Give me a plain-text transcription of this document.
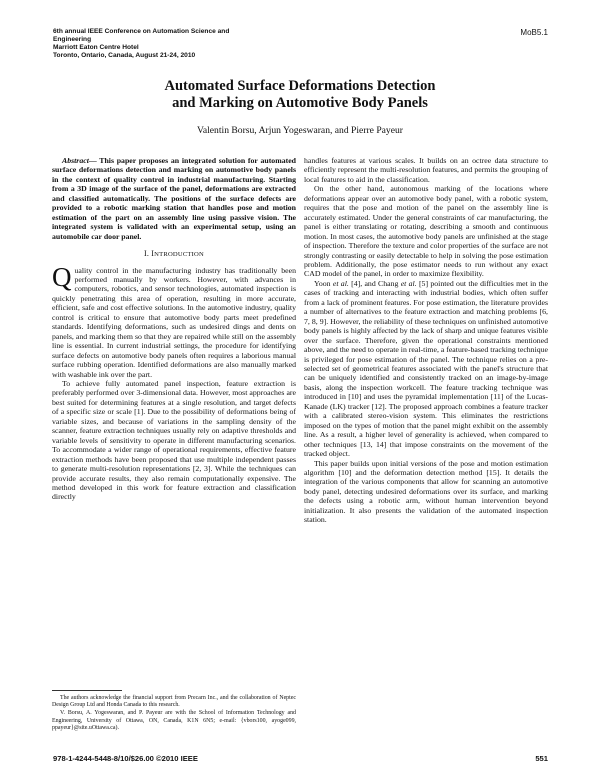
6th annual IEEE Conference on Automation Science and
Engineering
Marriott Eaton Centre Hotel
Toronto, Ontario, Canada, August 21-24, 2010
MoB5.1
Automated Surface Deformations Detection
and Marking on Automotive Body Panels
Valentin Borsu, Arjun Yogeswaran, and Pierre Payeur

Abstract— This paper proposes an integrated solution for automated surface deformations detection and marking on automotive body panels in the context of quality control in industrial manufacturing. Starting from a 3D image of the surface of the panel, deformations are extracted and classified automatically. The positions of the surface defects are provided to a robotic marking station that handles pose and motion estimation of the part on an assembly line using passive vision. The integrated system is validated with an experimental setup, using an automobile car door panel.

I. INTRODUCTION

Quality control in the manufacturing industry has traditionally been performed manually by workers. However, with advances in computers, robotics, and sensor technologies, automated inspection is quickly penetrating this area of operation, resulting in more accurate, efficient, safe and cost effective solutions. In the automotive industry, quality control is critical to ensure that automotive body parts meet predefined standards. Identifying deformations, such as undesired dings and dents on panels, and marking them so that they are repaired while still on the assembly line is essential. In current industrial settings, the procedure for identifying surface defects on automotive body panels often requires a laborious manual surface rubbing operation. Identified deformations are also manually marked with washable ink over the part.

To achieve fully automated panel inspection, feature extraction is preferably performed over 3-dimensional data. However, most approaches are best suited for determining features at a single resolution, and target defects of a specific size or scale [1]. Due to the possibility of deformations being of variable sizes, and because of variations in the sampling density of the scanner, feature extraction techniques usually rely on adaptive thresholds and variable levels of sensitivity to operate in different manufacturing scenarios. To accommodate a wider range of operational requirements, effective feature extraction methods have been proposed that use multiple independent passes to generate multi-resolution representations [2, 3]. While the techniques can provide accurate results, they also remain computationally expensive. The method developed in this work for feature extraction and classification directly

handles features at various scales. It builds on an octree data structure to efficiently represent the multi-resolution features, and permits the grouping of local features to aid in the classification.

On the other hand, autonomous marking of the locations where deformations appear over an automotive body panel, with a robotic system, requires that the pose and motion of the panel on the assembly line is accurately estimated. Under the general constraints of car manufacturing, the panel is either translating or rotating, describing a smooth and continuous motion. In most cases, the automotive body panels are unfinished at the stage of inspection. Therefore the texture and color properties of the surface are not strongly contrasting or easily detectable to help in solving the pose estimation problem. Additionally, the pose estimator needs to run without any exact CAD model of the panel, in order to maximize flexibility.

Yoon et al. [4], and Chang et al. [5] pointed out the difficulties met in the cases of tracking and interacting with industrial bodies, which often suffer from a lack of prominent features. For pose estimation, the literature provides a number of alternatives to the feature extraction and matching problems [6, 7, 8, 9]. However, the reliability of these techniques on unfinished automotive body panels is highly affected by the lack of sharp and unique features visible over the surface. Therefore, given the operational constraints mentioned above, and the need to operate in real-time, a feature-based tracking technique is privileged for pose estimation of the panel. The technique relies on a pre-selected set of geometrical features associated with the panel's structure that can be uniquely identified and consistently tracked on an image-by-image basis, along the inspection workcell. The feature tracking technique was introduced in [10] and uses the pyramidal implementation [11] of the Lucas-Kanade (LK) tracker [12]. The proposed approach combines a feature tracker with a calibrated stereo-vision system. This eliminates the restrictions imposed on the types of motion that the panel might exhibit on the assembly line. As a result, a higher level of generality is achieved, when compared to other techniques [13, 14] that impose constraints on the movement of the tracked object.

This paper builds upon initial versions of the pose and motion estimation algorithm [10] and the deformation detection method [15]. It details the integration of the various components that allow for scanning an automotive body panel, detecting undesired deformations over its surface, and marking the defects using a robotic arm, without human intervention beyond initialization. It also presents the validation of the automated inspection station.

The authors acknowledge the financial support from Precarn Inc., and the collaboration of Neptec Design Group Ltd and Honda Canada to this research.

V. Borsu, A. Yogeswaran, and P. Payeur are with the School of Information Technology and Engineering, University of Ottawa, ON, Canada, K1N 6N5; e-mail: {vbors100, ayoge099, ppayeur}@site.uOttawa.ca).

978-1-4244-5448-8/10/$26.00 ©2010 IEEE	551
